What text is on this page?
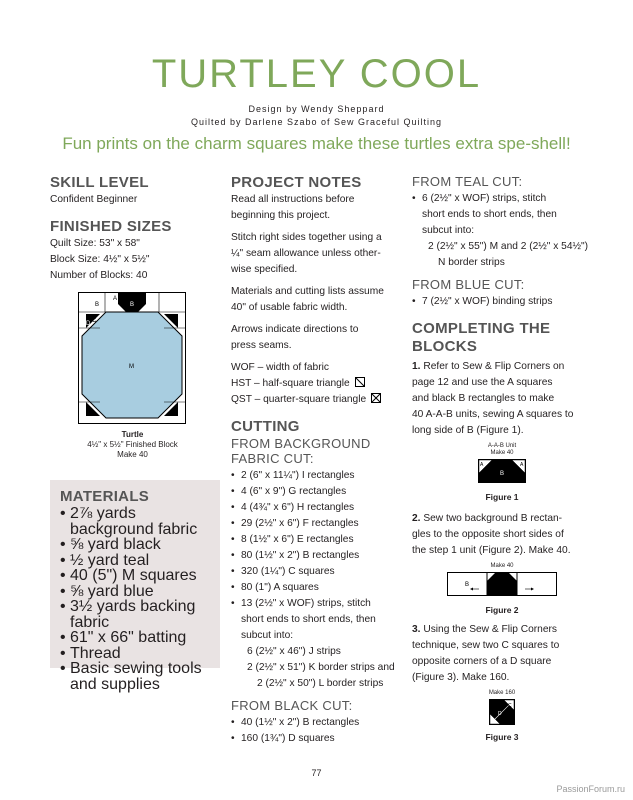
TURTLEY COOL
Design by Wendy Sheppard
Quilted by Darlene Szabo of Sew Graceful Quilting
Fun prints on the charm squares make these turtles extra spe-shell!
SKILL LEVEL

Confident Beginner

FINISHED SIZES

Quilt Size: 53" x 58"

Block Size: 4½" x 5½"

Number of Blocks: 40

A
B	B
C
D
M
Turtle
4½" x 5½" Finished Block
Make 40
MATERIALS
• 2⅞ yards background fabric
• ⅝ yard black
• ½ yard teal
• 40 (5") M squares
• ⅝ yard blue
• 3½ yards backing fabric
• 61" x 66" batting
• Thread
• Basic sewing tools

and supplies

PROJECT NOTES

Read all instructions before

beginning this project.

Stitch right sides together using a

¼" seam allowance unless other-

wise specified.

Materials and cutting lists assume

40" of usable fabric width.

Arrows indicate directions to

press seams.

WOF – width of fabric

HST – half-square triangle

QST – quarter-square triangle

CUTTING
FROM BACKGROUND
FABRIC CUT:
• 2 (6" x 11¼") I rectangles
• 4 (6" x 9") G rectangles
• 4 (4¾" x 6") H rectangles
• 29 (2½" x 6") F rectangles
• 8 (1½" x 6") E rectangles
• 80 (1½" x 2") B rectangles
• 320 (1¼") C squares
• 80 (1") A squares
• 13 (2½" x WOF) strips, stitch

short ends to short ends, then

subcut into:

6 (2½" x 46") J strips

2 (2½" x 51") K border strips and

2 (2½" x 50") L border strips

FROM BLACK CUT:
• 40 (1½" x 2") B rectangles
• 160 (1¾") D squares
FROM TEAL CUT:
• 6 (2½" x WOF) strips, stitch

short ends to short ends, then

subcut into:

2 (2½" x 55") M and 2 (2½" x 54½")

N border strips

FROM BLUE CUT:
• 7 (2½" x WOF) binding strips
COMPLETING THE
BLOCKS

1. Refer to Sew & Flip Corners on

page 12 and use the A squares

and black B rectangles to make

40 A-A-B units, sewing A squares to

long side of B (Figure 1).

A-A-B Unit
Make 40
A	A
B
Figure 1

2. Sew two background B rectan-

gles to the opposite short sides of

the step 1 unit (Figure 2). Make 40.

Make 40
B
Figure 2

3. Using the Sew & Flip Corners

technique, sew two C squares to

opposite corners of a D square

(Figure 3). Make 160.

Make 160
C
D
Figure 3
77
PassionForum.ru
